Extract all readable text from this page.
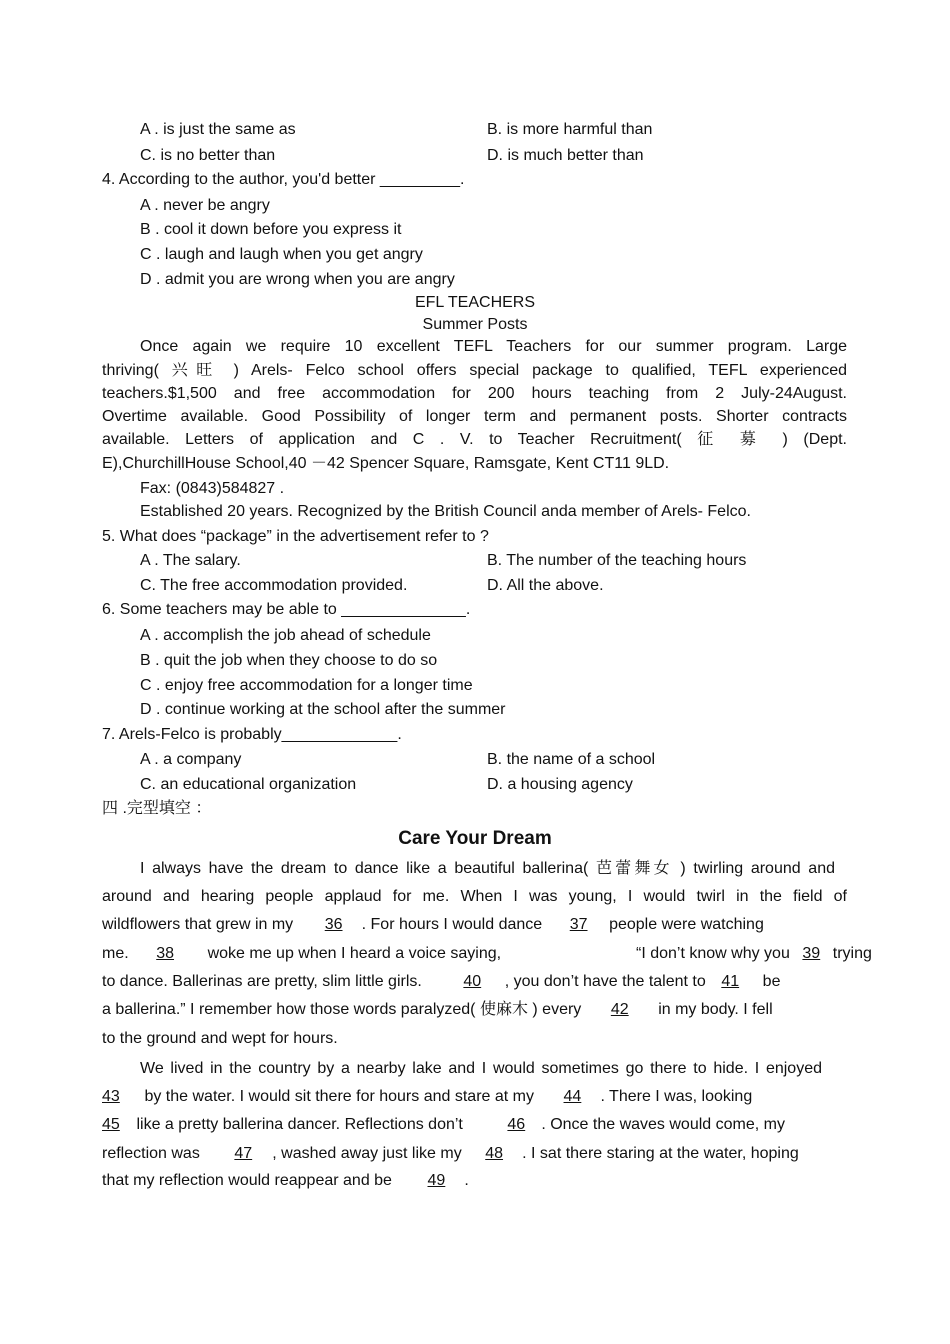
A . is just the same as	B. is more harmful than
C. is no better than	D. is much better than
4. According to the author, you'd better _________.
A . never be angry
B . cool it down before you express it
C . laugh and laugh when you get angry
D . admit you are wrong when you are angry
EFL TEACHERS
Summer Posts
Once again we require 10 excellent TEFL Teachers for our summer program. Large
thriving( 兴旺 ) Arels- Felco school offers special package to qualified, TEFL experienced
teachers.$1,500 and free accommodation for 200 hours teaching from 2 July-24August.
Overtime available. Good Possibility of longer term and permanent posts. Shorter contracts
available. Letters of application and C . V. to Teacher Recruitment( 征 募 ) (Dept.
E),ChurchillHouse School,40 －42 Spencer Square, Ramsgate, Kent CT11 9LD.
Fax: (0843)584827 .
Established 20 years. Recognized by the British Council anda member of Arels- Felco.
5. What does “package” in the advertisement refer to ?
A . The salary.	B. The number of the teaching hours
C. The free accommodation provided.	D. All the above.
6. Some teachers may be able to ______________.
A . accomplish the job ahead of schedule
B . quit the job when they choose to do so
C . enjoy free accommodation for a longer time
D . continue working at the school after the summer
7. Arels-Felco is probably_____________.
A . a company	B. the name of a school
C. an educational organization	D. a housing agency
四 .完型填空 ：
Care Your Dream
I always have the dream to dance like a beautiful ballerina( 芭蕾舞女 ) twirling around and
around and hearing people applaud for me. When I was young, I would twirl in the field of
wildflowers that grew in my 36 . For hours I would dance 37 people were watching
me. 38 woke me up when I heard a voice saying,	“I don’t know why you 39 trying
to dance. Ballerinas are pretty, slim little girls.	40 , you don’t have the talent to 41 be
a ballerina.” I remember how those words paralyzed( 使麻木 ) every 42 in my body. I fell
to the ground and wept for hours.
We lived in the country by a nearby lake and I would sometimes go there to hide. I enjoyed
43 by the water. I would sit there for hours and stare at my 44 . There I was, looking
45 like a pretty ballerina dancer. Reflections don’t	46 . Once the waves would come, my
reflection was 47 , washed away just like my 48 . I sat there staring at the water, hoping
that my reflection would reappear and be 49 .
